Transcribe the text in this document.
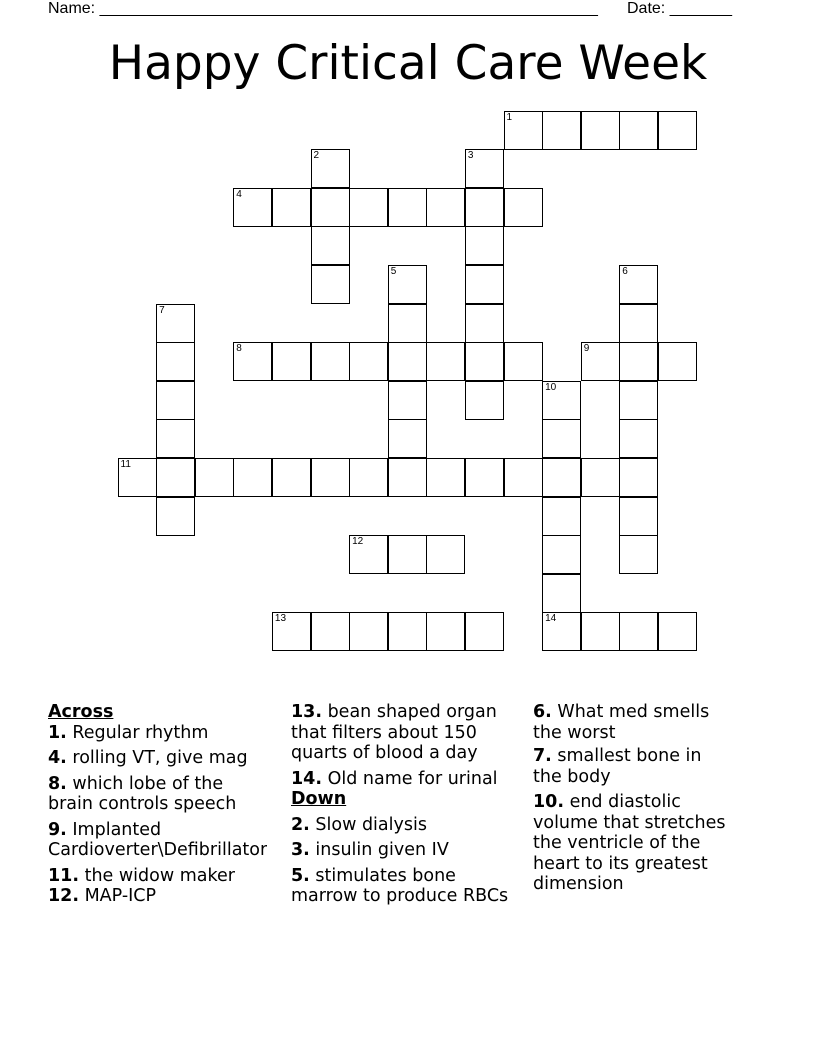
Name: ________________________________________________________ Date: _______
Happy Critical Care Week
1
2	3
4
5	6
7
8	9
10
11
12
13	14
Across
1. Regular rhythm
4. rolling VT, give mag
8. which lobe of the
brain controls speech
9. Implanted
Cardioverter\Defibrillator
11. the widow maker
12. MAP-ICP
13. bean shaped organ
that filters about 150
quarts of blood a day
14. Old name for urinal
Down
2. Slow dialysis
3. insulin given IV
5. stimulates bone
marrow to produce RBCs
6. What med smells
the worst
7. smallest bone in
the body
10. end diastolic
volume that stretches
the ventricle of the
heart to its greatest
dimension
